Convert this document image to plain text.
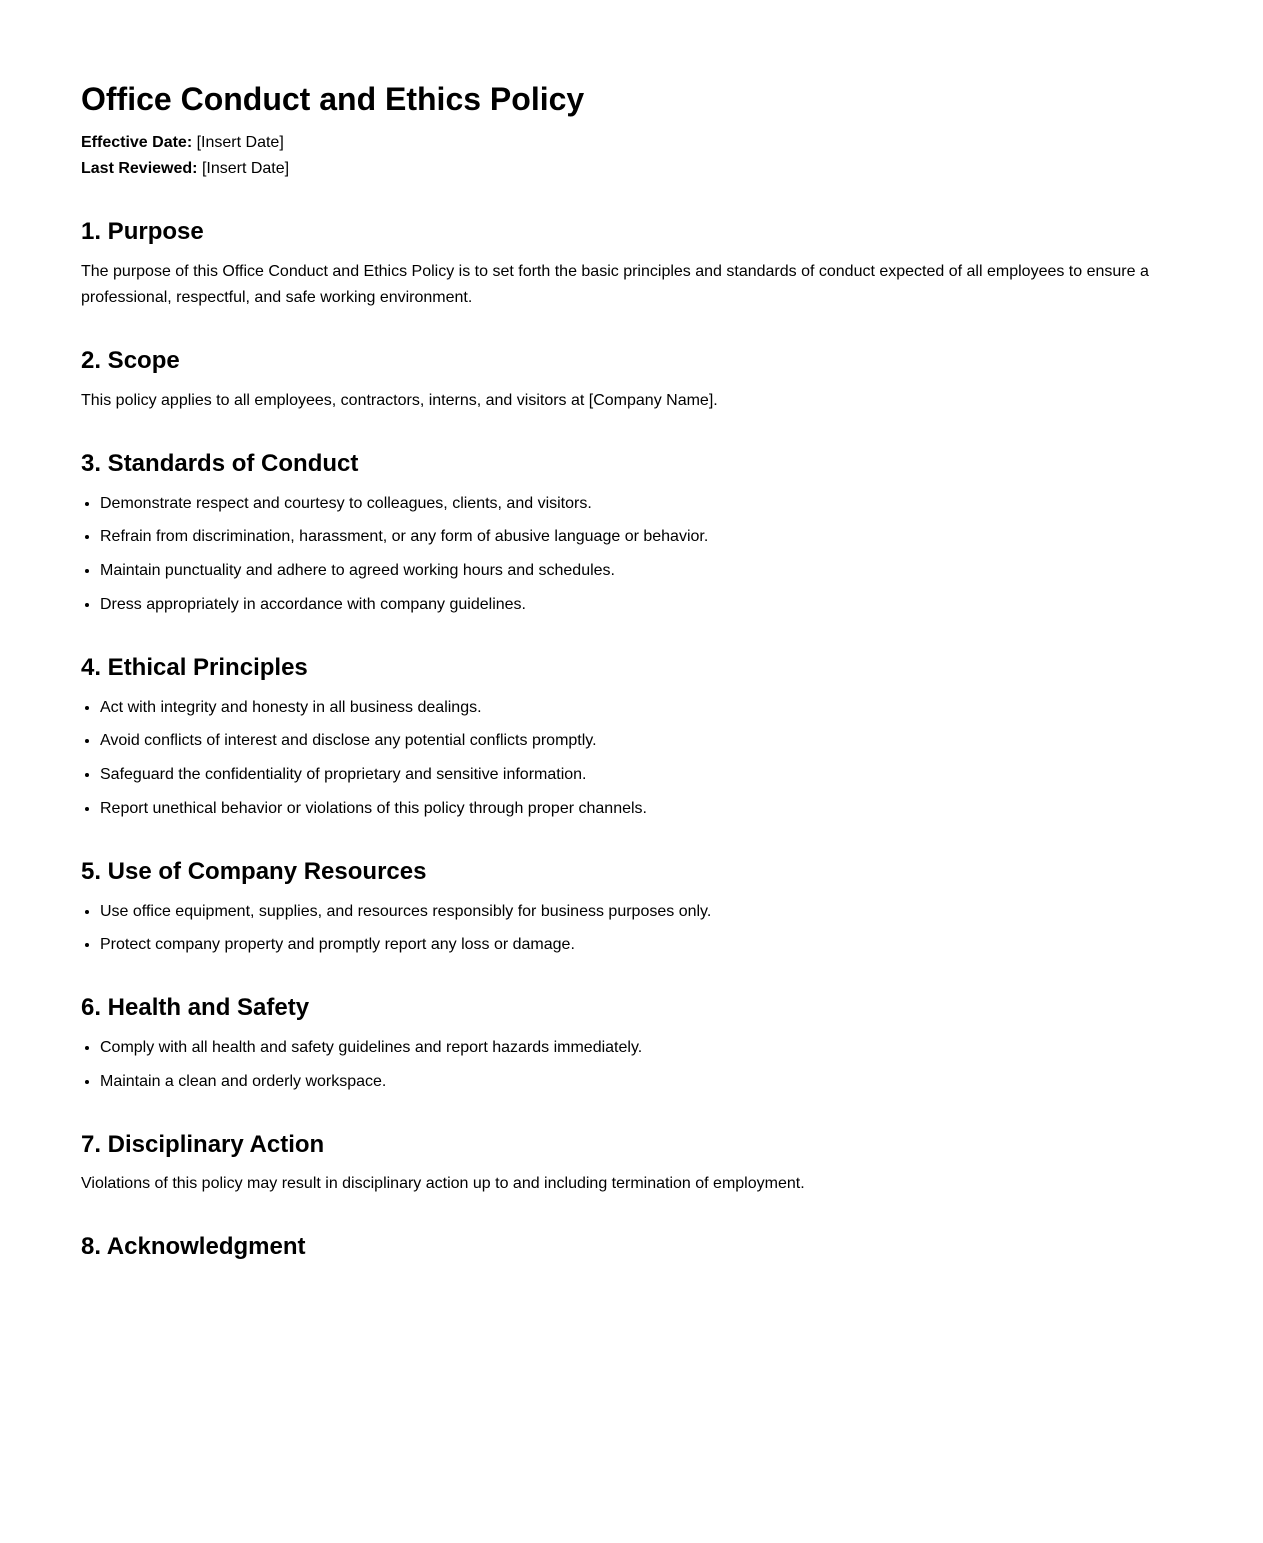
Office Conduct and Ethics Policy

Effective Date: [Insert Date]

Last Reviewed: [Insert Date]

1. Purpose

The purpose of this Office Conduct and Ethics Policy is to set forth the basic principles and standards of conduct expected of all employees to ensure a professional, respectful, and safe working environment.

2. Scope

This policy applies to all employees, contractors, interns, and visitors at [Company Name].

3. Standards of Conduct
• Demonstrate respect and courtesy to colleagues, clients, and visitors.
• Refrain from discrimination, harassment, or any form of abusive language or behavior.
• Maintain punctuality and adhere to agreed working hours and schedules.
• Dress appropriately in accordance with company guidelines.
4. Ethical Principles
• Act with integrity and honesty in all business dealings.
• Avoid conflicts of interest and disclose any potential conflicts promptly.
• Safeguard the confidentiality of proprietary and sensitive information.
• Report unethical behavior or violations of this policy through proper channels.
5. Use of Company Resources
• Use office equipment, supplies, and resources responsibly for business purposes only.
• Protect company property and promptly report any loss or damage.
6. Health and Safety
• Comply with all health and safety guidelines and report hazards immediately.
• Maintain a clean and orderly workspace.
7. Disciplinary Action

Violations of this policy may result in disciplinary action up to and including termination of employment.

8. Acknowledgment
